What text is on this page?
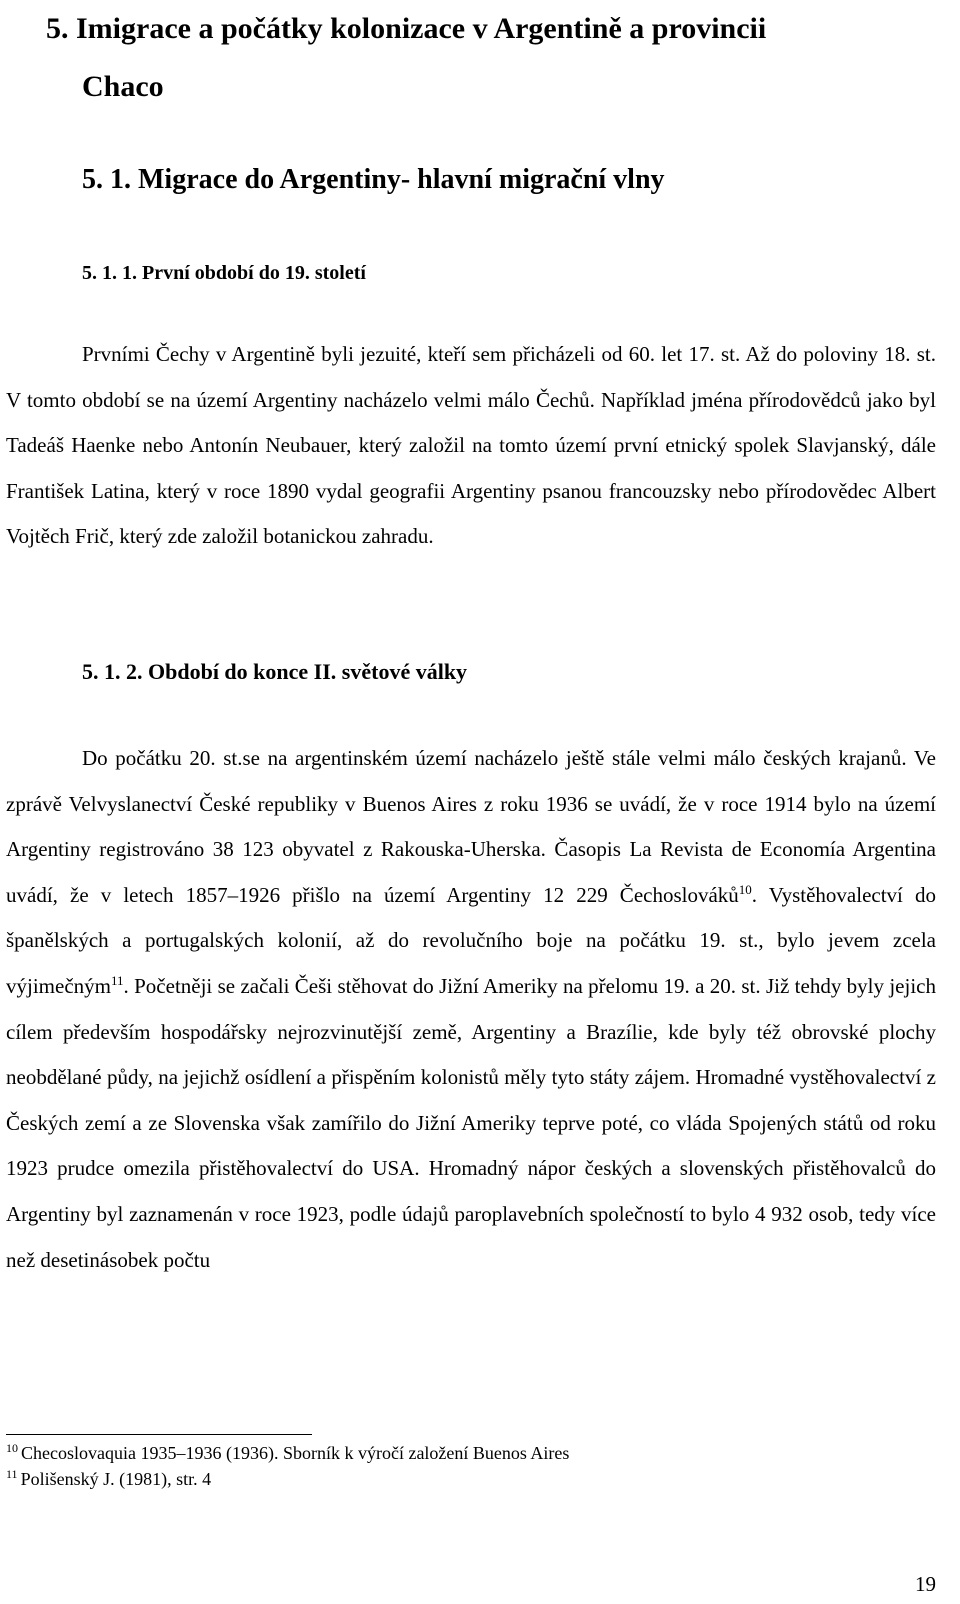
5. Imigrace a počátky kolonizace v Argentině a provincii
Chaco
5. 1. Migrace do Argentiny- hlavní migrační vlny
5. 1. 1. První období do 19. století

Prvními Čechy v Argentině byli jezuité, kteří sem přicházeli od 60. let 17. st. Až do poloviny 18. st. V tomto období se na území Argentiny nacházelo velmi málo Čechů. Například jména přírodovědců jako byl Tadeáš Haenke nebo Antonín Neubauer, který založil na tomto území první etnický spolek Slavjanský, dále František Latina, který v roce 1890 vydal geografii Argentiny psanou francouzsky nebo přírodovědec Albert Vojtěch Frič, který zde založil botanickou zahradu.

5. 1. 2. Období do konce II. světové války

Do počátku 20. st.se na argentinském území nacházelo ještě stále velmi málo českých krajanů. Ve zprávě Velvyslanectví České republiky v Buenos Aires z roku 1936 se uvádí, že v roce 1914 bylo na území Argentiny registrováno 38 123 obyvatel z Rakouska-Uherska. Časopis La Revista de Economía Argentina uvádí, že v letech 1857–1926 přišlo na území Argentiny 12 229 Čechoslováků$^{10}$. Vystěhovalectví do španělských a portugalských kolonií, až do revolučního boje na počátku 19. st., bylo jevem zcela výjimečným$^{11}$. Početněji se začali Češi stěhovat do Jižní Ameriky na přelomu 19. a 20. st. Již tehdy byly jejich cílem především hospodářsky nejrozvinutější země, Argentiny a Brazílie, kde byly též obrovské plochy neobdělané půdy, na jejichž osídlení a přispěním kolonistů měly tyto státy zájem. Hromadné vystěhovalectví z Českých zemí a ze Slovenska však zamířilo do Jižní Ameriky teprve poté, co vláda Spojených států od roku 1923 prudce omezila přistěhovalectví do USA. Hromadný nápor českých a slovenských přistěhovalců do Argentiny byl zaznamenán v roce 1923, podle údajů paroplavebních společností to bylo 4 932 osob, tedy více než desetinásobek počtu

$^{10}$ Checoslovaquia 1935–1936 (1936). Sborník k výročí založení Buenos Aires
$^{11}$ Polišenský J. (1981), str. 4
19
